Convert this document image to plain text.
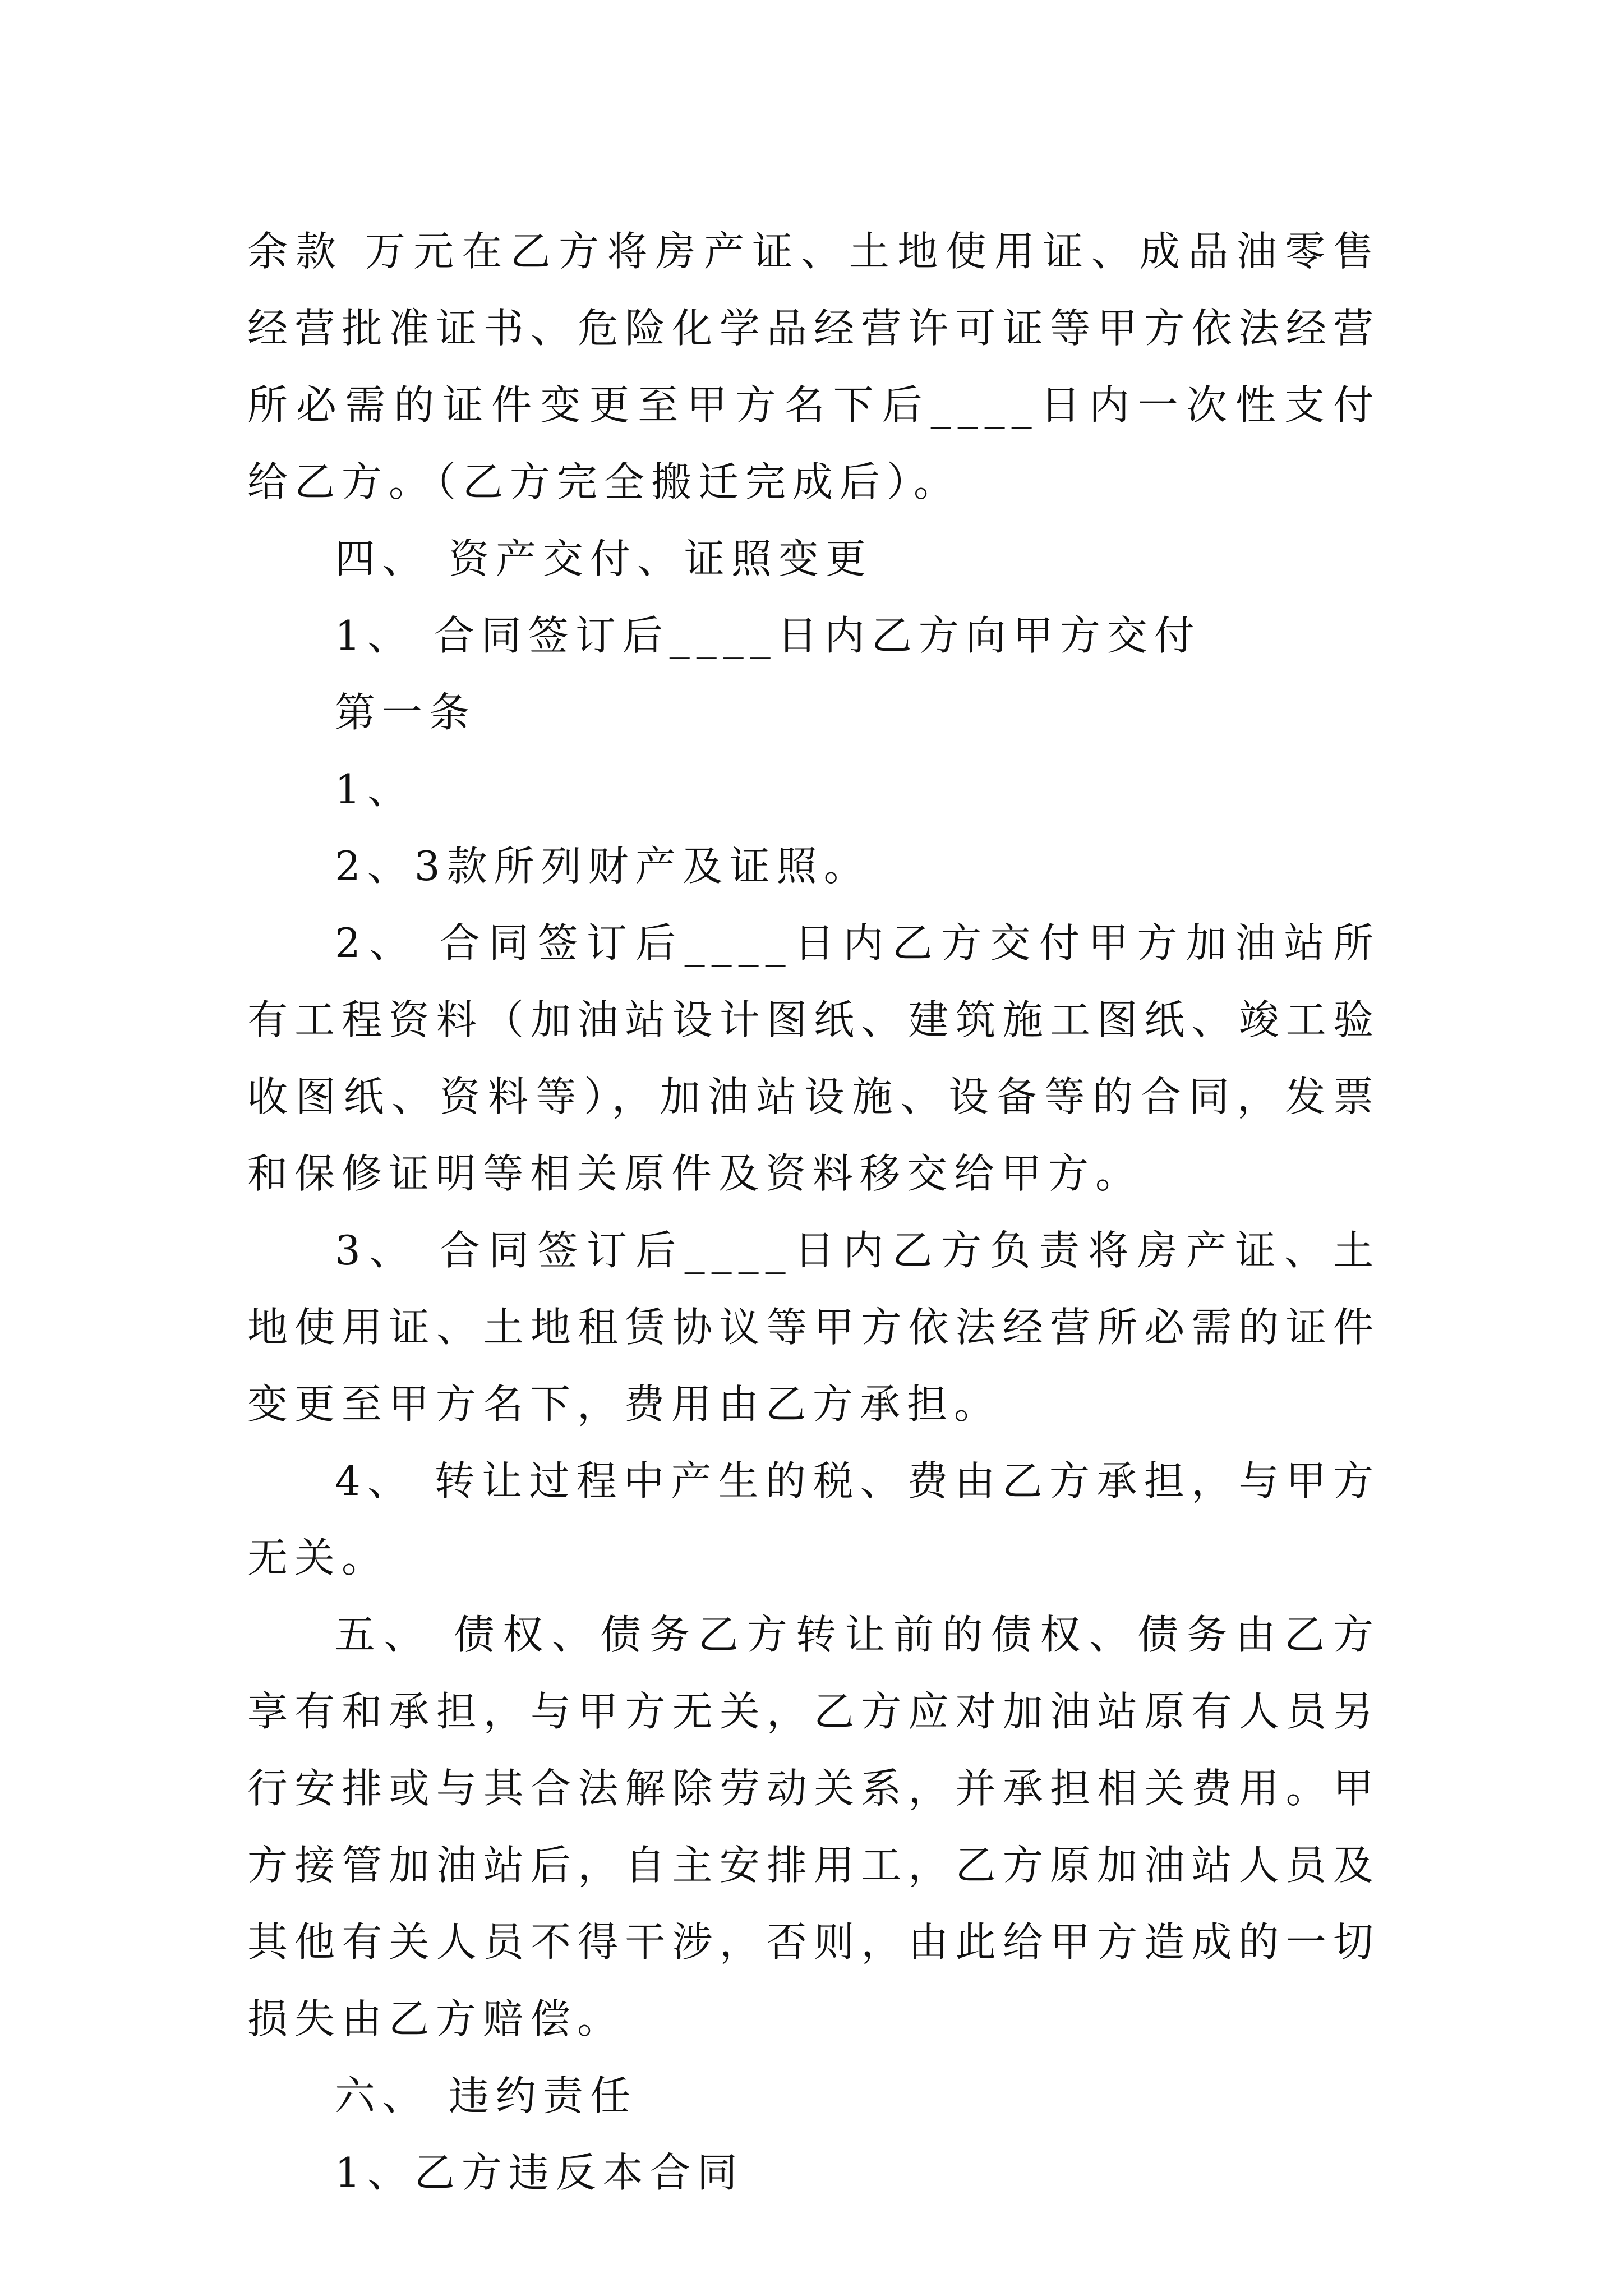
余款 万元在乙方将房产证、土地使用证、成品油零售经营批准证书、危险化学品经营许可证等甲方依法经营所必需的证件变更至甲方名下后____日内一次性支付给乙方。（乙方完全搬迁完成后）。

四、 资产交付、证照变更

1、 合同签订后____日内乙方向甲方交付

第一条

1、

2、3款所列财产及证照。

2、 合同签订后____日内乙方交付甲方加油站所有工程资料（加油站设计图纸、建筑施工图纸、竣工验收图纸、资料等），加油站设施、设备等的合同，发票和保修证明等相关原件及资料移交给甲方。

3、 合同签订后____日内乙方负责将房产证、土地使用证、土地租赁协议等甲方依法经营所必需的证件变更至甲方名下，费用由乙方承担。

4、 转让过程中产生的税、费由乙方承担，与甲方无关。

五、 债权、债务乙方转让前的债权、债务由乙方享有和承担，与甲方无关，乙方应对加油站原有人员另行安排或与其合法解除劳动关系，并承担相关费用。甲方接管加油站后，自主安排用工，乙方原加油站人员及其他有关人员不得干涉，否则，由此给甲方造成的一切损失由乙方赔偿。

六、 违约责任

1、乙方违反本合同
